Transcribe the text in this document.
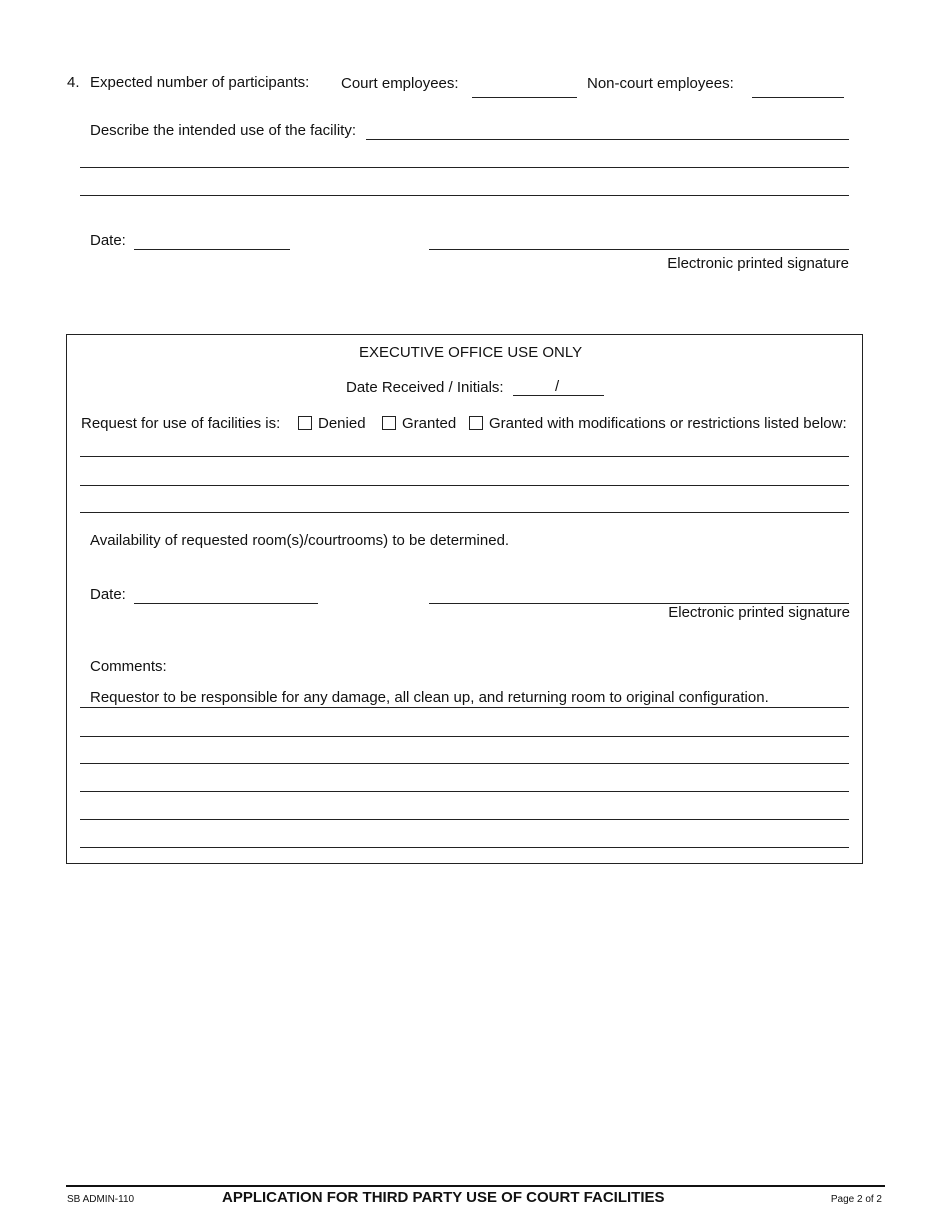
4. Expected number of participants: Court employees:	Non-court employees:
Describe the intended use of the facility:
Date:
Electronic printed signature
EXECUTIVE OFFICE USE ONLY
Date Received / Initials:	/
Request for use of facilities is:	Denied Granted Granted with modifications or restrictions listed below:
Availability of requested room(s)/courtrooms) to be determined.
Date:
Electronic printed signature
Comments:
Requestor to be responsible for any damage, all clean up, and returning room to original configuration.
SB ADMIN-110	APPLICATION FOR THIRD PARTY USE OF COURT FACILITIES	Page 2 of 2
